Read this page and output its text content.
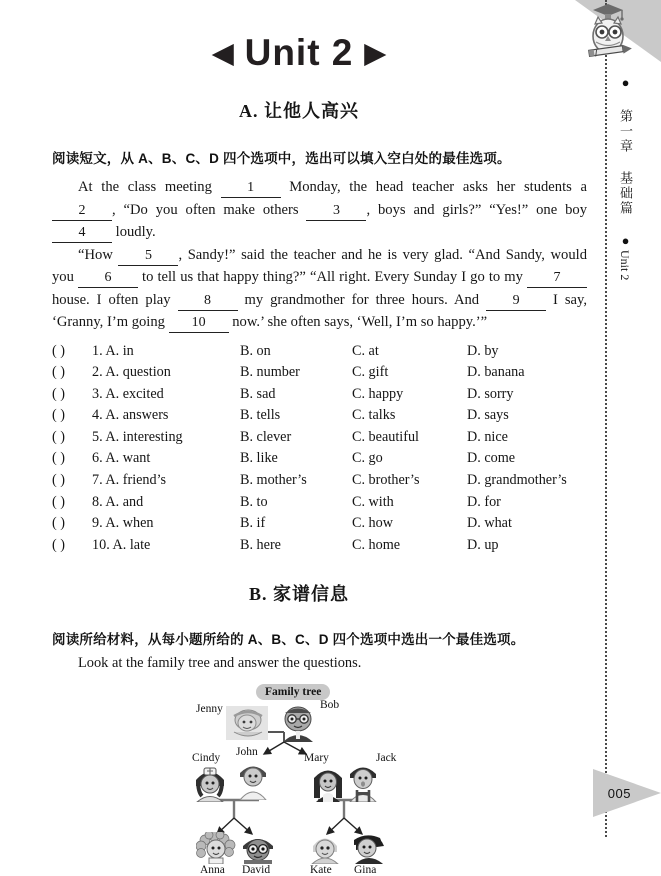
● 第一章 基础篇 ●Unit 2
005
◀ Unit 2 ▶
A. 让他人高兴
阅读短文，从 A、B、C、D 四个选项中，选出可以填入空白处的最佳选项。

At the class meeting	1 Monday, the head teacher asks her students a 2 , “Do you often make others 3 , boys and girls?” “Yes!” one boy 4 loudly.

“How 5 , Sandy!” said the teacher and he is very glad. “And Sandy, would you 6 to tell us that happy thing?” “All right. Every Sunday I go to my 7 house. I often play 8 my grandmother for three hours. And 9 I say, ‘Granny, I’m going 10 now.’ she often says, ‘Well, I’m so happy.’”

( )	1. A. in	B. on	C. at	D. by
( )	2. A. question	B. number	C. gift	D. banana
( )	3. A. excited	B. sad	C. happy	D. sorry
( )	4. A. answers	B. tells	C. talks	D. says
( )	5. A. interesting	B. clever	C. beautiful	D. nice
( )	6. A. want	B. like	C. go	D. come
( )	7. A. friend’s	B. mother’s	C. brother’s	D. grandmother’s
( )	8. A. and	B. to	C. with	D. for
( )	9. A. when	B. if	C. how	D. what
( )	10. A. late	B. here	C. home	D. up
B. 家谱信息
阅读所给材料，从每小题所给的 A、B、C、D 四个选项中选出一个最佳选项。
Look at the family tree and answer the questions.
Family tree
Jenny	Bob
Cindy John	Mary	Jack
Anna David	Kate Gina
